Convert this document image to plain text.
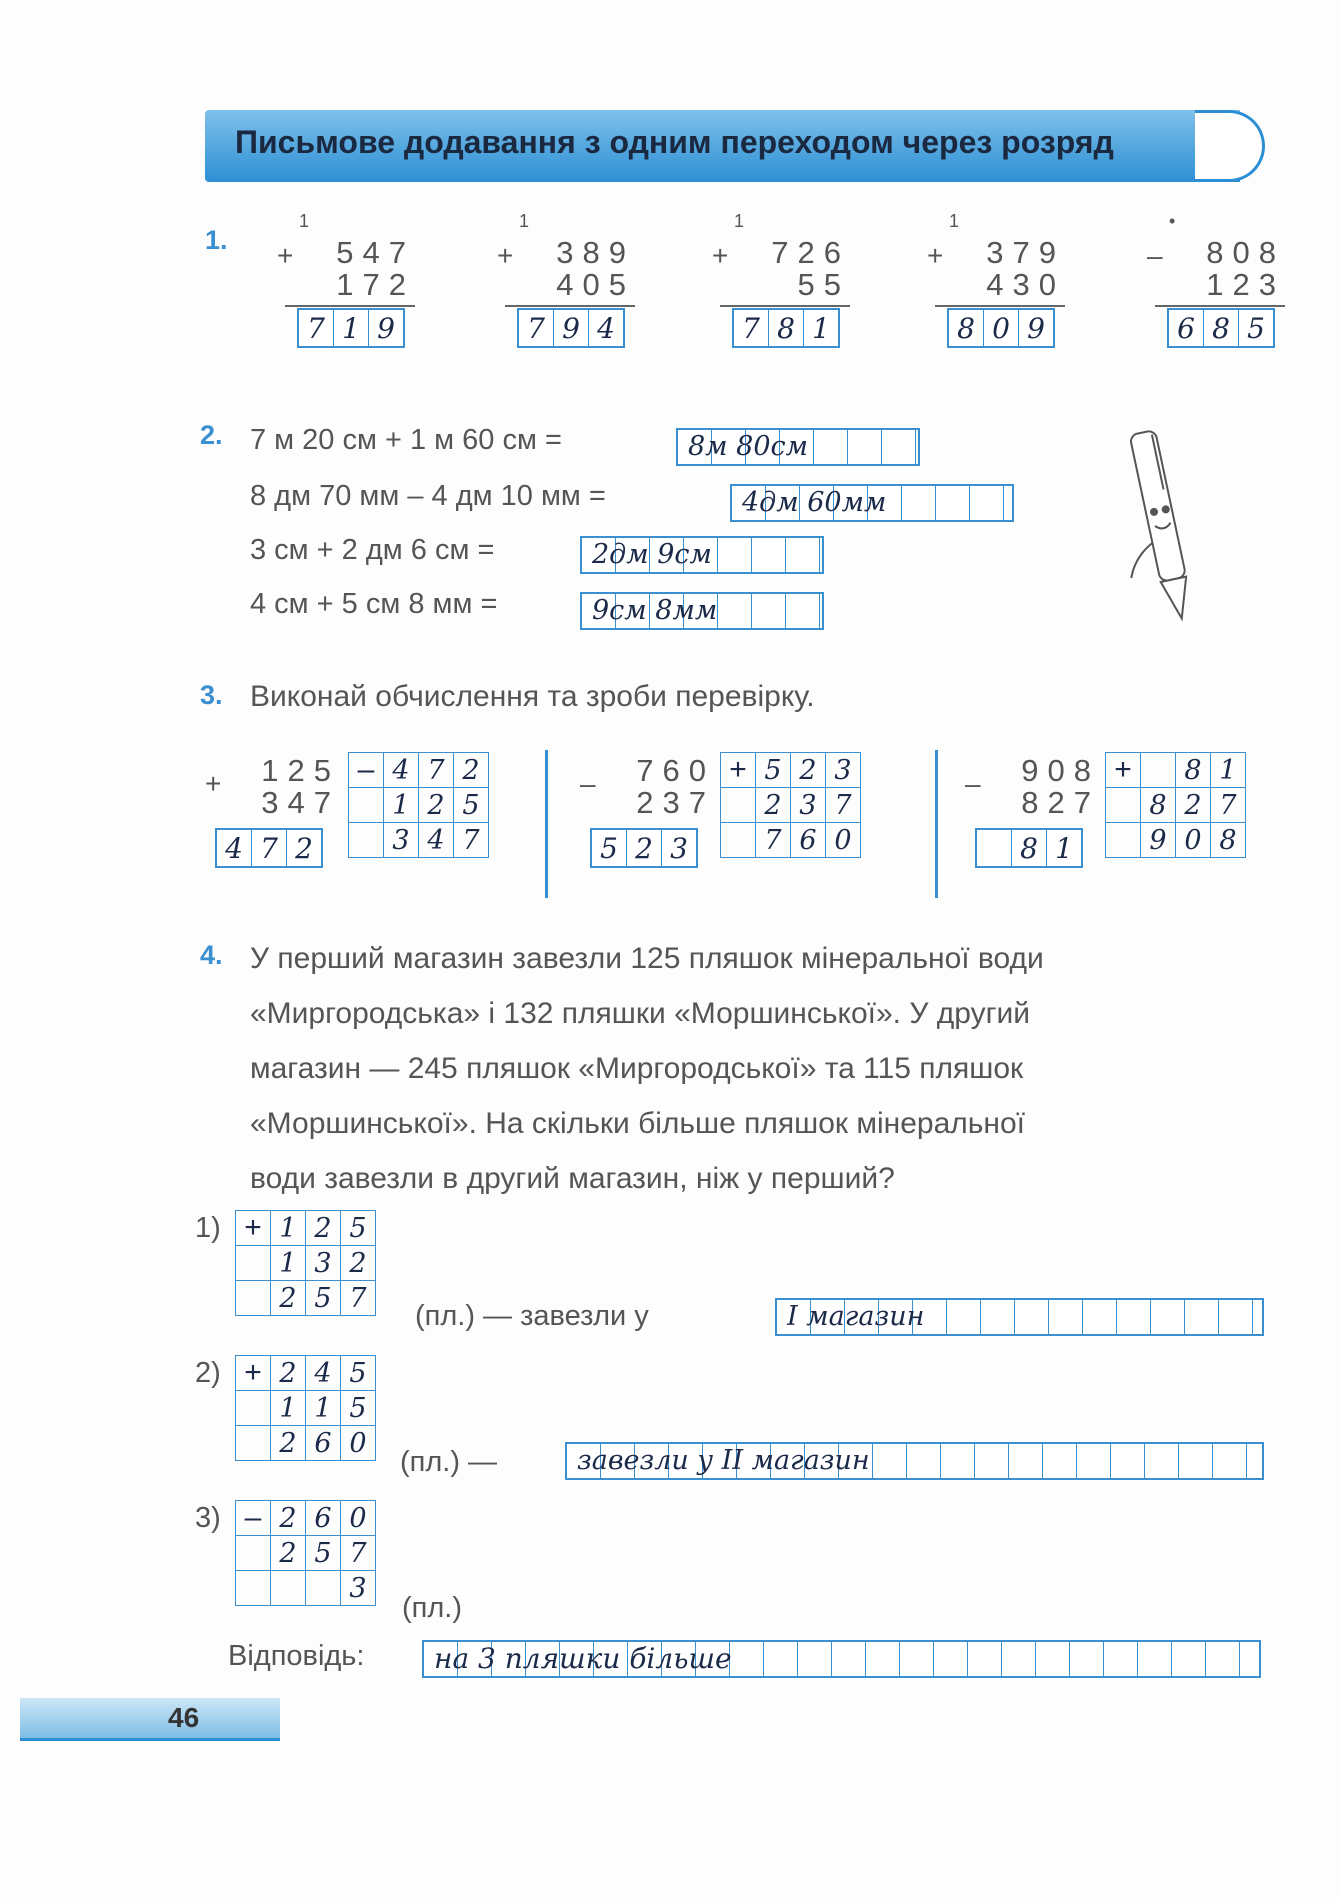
Письмове додавання з одним переходом через розряд
1.
1
547
172
+
7 1 9
1
389
405
+
7 9 4
1
726
55
+
7 8 1
1
379
430
+
8 0 9
•
808
123
–
6 8 5
2. 7 м 20 см + 1 м 60 см =	8м 80см
8 дм 70 мм – 4 дм 10 мм =	4дм 60мм
3 см + 2 дм 6 см =	2дм 9см
4 см + 5 см 8 мм =	9см 8мм
3. Виконай обчислення та зроби перевірку.
125
347
+
4 7 2
–	4	7	2
	1	2	5
	3	4	7
760
237
–
5 2 3
+	5	2	3
	2	3	7
	7	6	0
908
827
–
8 1
+		8	1
	8	2	7
	9	0	8
4. У перший магазин завезли 125 пляшок мінеральної води
«Миргородська» і 132 пляшки «Моршинської». У другий
магазин — 245 пляшок «Миргородської» та 115 пляшок
«Моршинської». На скільки більше пляшок мінеральної
води завезли в другий магазин, ніж у перший?
1) +	1	2	5
	1	3	2
	2	5	7
(пл.) — завезли у	І магазин
2) +	2	4	5
	1	1	5
	2	6	0
(пл.) —	завезли у ІІ магазин
3) –	2	6	0
	2	5	7
			3
(пл.)
Відповідь:	на 3 пляшки більше
46
